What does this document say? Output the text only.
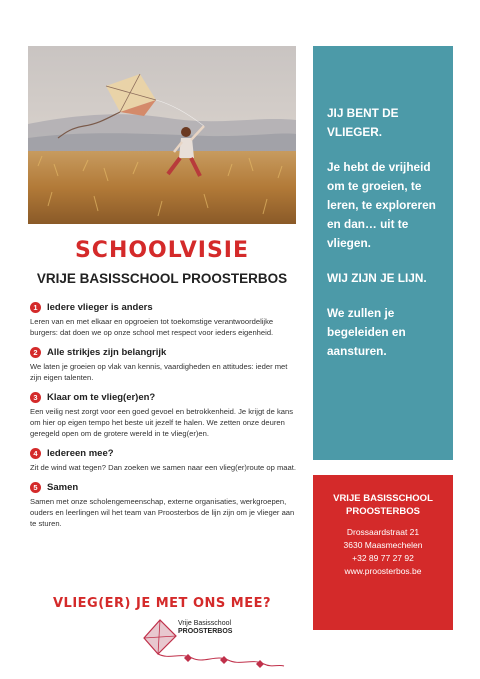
SCHOOLVISIE
VRIJE BASISSCHOOL PROOSTERBOS
1 Iedere vlieger is anders
Leren van en met elkaar en opgroeien tot toekomstige verantwoordelijke burgers: dat doen we op onze school met respect voor ieders eigenheid.
2 Alle strikjes zijn belangrijk
We laten je groeien op vlak van kennis, vaardigheden en attitudes: ieder met zijn eigen talenten.
3 Klaar om te vlieg(er)en?
Een veilig nest zorgt voor een goed gevoel en betrokkenheid. Je krijgt de kans om hier op eigen tempo het beste uit jezelf te halen. We zetten onze deuren geregeld open om de grotere wereld in te vlieg(er)en.
4 Iedereen mee?
Zit de wind wat tegen? Dan zoeken we samen naar een vlieg(er)route op maat.
5 Samen
Samen met onze scholengemeenschap, externe organisaties, werkgroepen, ouders en leerlingen wil het team van Proosterbos de lijn zijn om je vlieger aan te sturen.
VLIEG(ER) JE MET ONS MEE?
Vrije Basisschool
PROOSTERBOS

JIJ BENT DE VLIEGER.

Je hebt de vrijheid om te groeien, te leren, te exploreren en dan… uit te vliegen.

WIJ ZIJN JE LIJN.

We zullen je begeleiden en aansturen.

VRIJE BASISSCHOOL PROOSTERBOS
Drossaardstraat 21
3630 Maasmechelen
+32 89 77 27 92
www.proosterbos.be
